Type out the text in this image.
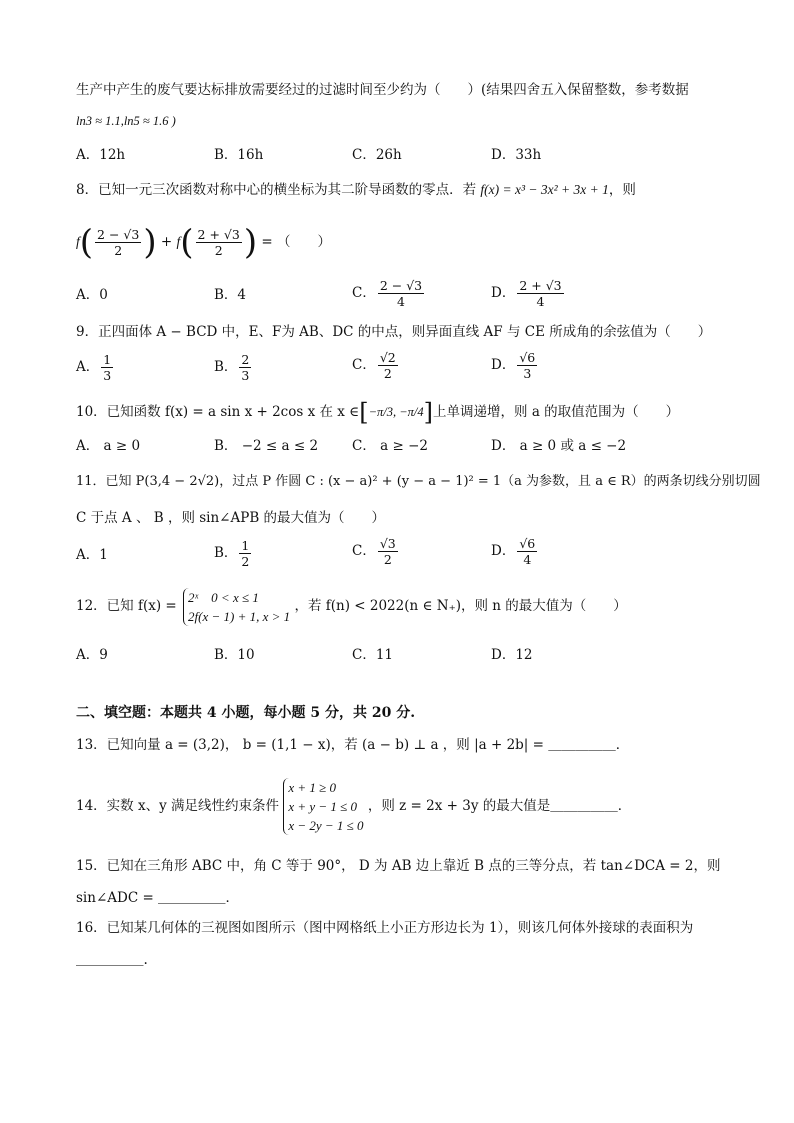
生产中产生的废气要达标排放需要经过的过滤时间至少约为（　　）(结果四舍五入保留整数，参考数据
ln3 ≈ 1.1,ln5 ≈ 1.6 )
A．12h	B．16h	C．26h	D．33h
8．已知一元三次函数对称中心的横坐标为其二阶导函数的零点．若 f(x) = x³ − 3x² + 3x + 1，则
$f( \frac{2 - √3}{2}$ ) + $f( \frac{2 + √3}{2}$ ) = （　　）
A．0	B．4	C． $\frac{2 - √3}{4}$	D． $\frac{2 + √3}{4}$
9．正四面体 A − BCD 中，E、F为 AB、DC 的中点，则异面直线 AF 与 CE 所成角的余弦值为（　　）
A． $\frac{1}{3}$	B． $\frac{2}{3}$	C． $\frac{√2}{2}$	D． $\frac{√6}{3}$
10．已知函数 f(x) = a sin x + 2cos x 在 x ∈[−π/3, −π/4]上单调递增，则 a 的取值范围为（　　）
A． a ≥ 0	B． −2 ≤ a ≤ 2	C． a ≥ −2	D． a ≥ 0 或 a ≤ −2
11．已知 P(3,4 − 2√2)，过点 P 作圆 C : (x − a)² + (y − a − 1)² = 1（a 为参数，且 a ∈ R）的两条切线分别切圆
C 于点 A 、 B ，则 sin∠APB 的最大值为（　　）
A．1	B． $\frac{1}{2}$	C． $\frac{√3}{2}$	D． $\frac{√6}{4}$
12．已知 f(x) =
2ˣ　0 < x ≤ 1
2f(x − 1) + 1, x > 1
，若 f(n) < 2022(n ∈ N₊)，则 n 的最大值为（　　）
A．9	B．10	C．11	D．12
二、填空题：本题共 4 小题，每小题 5 分，共 20 分.
13．已知向量 a = (3,2)， b = (1,1 − x)，若 (a − b) ⊥ a ，则 |a + 2b| = ＿＿＿＿＿．
14．实数 x、y 满足线性约束条件
x + 1 ≥ 0
x + y − 1 ≤ 0
x − 2y − 1 ≤ 0
，则 z = 2x + 3y 的最大值是＿＿＿＿＿．
15．已知在三角形 ABC 中，角 C 等于 90°， D 为 AB 边上靠近 B 点的三等分点，若 tan∠DCA = 2，则
sin∠ADC = ＿＿＿＿＿．
16．已知某几何体的三视图如图所示（图中网格纸上小正方形边长为 1），则该几何体外接球的表面积为
＿＿＿＿＿.
